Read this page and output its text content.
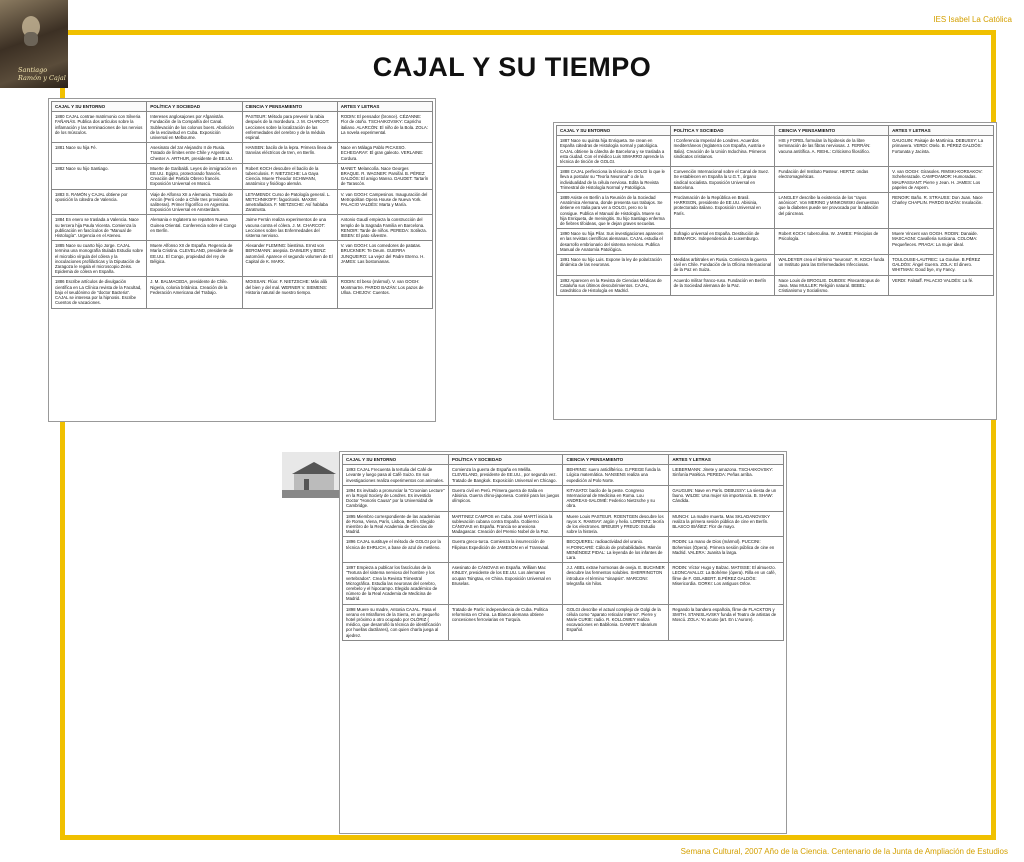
IES Isabel La Católica
Santiago Ramón y Cajal	CAJAL Y SU TIEMPO
CAJAL Y SU ENTORNO	POLÍTICA Y SOCIEDAD	CIENCIA Y PENSAMIENTO	ARTES Y LETRAS
1880 CAJAL contrae matrimonio con Silveria FAÑANÁS. Publica dos artículos sobre la inflamación y las terminaciones de los nervios de los músculos.	Intereses anglosajones por Afganistán. Fundación de la Compañía del Canal. Sublevación de los colonos boers. Abolición de la esclavitud en Cuba. Exposición universal en Melbourne.	PASTEUR: Método para prevenir la rabia después de la mordedura. J. M. CHARCOT: Lecciones sobre la localización de las enfermedades del cerebro y de la médula espinal.	RODIN: El pensador (bronce). CÉZANNE: Flor de otoño. TSCHAIKOVSKY: Capricho italiano. ALARCÓN: El niño de la Bola. ZOLA: La novela experimental.
1881 Nace su hija Fé.	Asesinato del zar Alejandro II de Rusia. Tratado de límites entre Chile y Argentina. Chester A. ARTHUR, presidente de EE.UU.	HANSEN: bacilo de la lepra. Primera línea de tranvías eléctricos de tren, en Berlín.	Nace en Málaga Pablo PICASSO. ECHEGARAY: El gran galeoto. VERLAINE: Cordura.
1882 Nace su hijo Santiago.	Muerte de Garibaldi. Leyes de inmigración en EE.UU. Egipto, protectorado francés. Creación del Partido Obrero francés. Exposición Universal en Moscú.	Robert KOCH descubre el bacilo de la tuberculosis. F. NIETZSCHE: La Gaya Ciencia. Muere Theodor SCHWANN, anatómico y fisiólogo alemán.	MANET: Melancolía. Nace Georges BRAQUE. R. WAGNER: Parsifal. B. PÉREZ GALDÓS: El amigo Manso. DAUDET: Tartarín de Tarascón.
1883 S. RAMÓN y CAJAL obtiene por oposición la cátedra de Valencia.	Viaje de Alfonso XII a Alemania. Tratado de Ancón (Perú cede a Chile tres provincias salitreras). Primer frigorífico en Argentina. Exposición Universal en Amsterdam.	LETAMENDI: Curso de Patología general. L. METCHNIKOFF: fagocitosis. MAXIM: ametralladora. F. NIETZSCHE: Así hablaba Zaratrusta.	V. van GOGH: Campesinos. Inauguración del Metropolitan Opera House de Nueva York. PALACIO VALDÉS: Marta y María.
1884 En enero se traslada a Valencia. Nace su tercera hija Paula Vicenta. Comienza la publicación en fascículos de "Manual de Histología". Urgencia en el Ateneo.	Alemania e Inglaterra se reparten Nueva Guinea Oriental. Conferencia sobre el Congo en Berlín.	Jaime Ferrán realiza experimentos de una vacuna contra el cólera. J. M. CHARCOT: Lecciones sobre las Enfermedades del sistema nervioso.	Antonio Gaudí empieza la construcción del templo de la Sagrada Familia en Barcelona. RENOIR: Tarde de niños. PEREDA: Sotileza. IBSEN: El pato silvestre.
1885 Nace su cuarto hijo Jorge. CAJAL termina una monografía titulada Estudio sobre el microbio vírgula del cólera y la inoculaciones profilácticas y la Diputación de Zaragoza le regala el microscopio Zeiss. Epidemia de cólera en España.	Muere Alfonso XII de España. Regencia de María Cristina. CLEVELAND, presidente de EE.UU. El Congo, propiedad del rey de Bélgica.	Alexander FLEMING: biestima. Ernst von BERGMANN: asepsia. DAIMLER y BENZ: automóvil. Aparece el segundo volumen de El Capital de K. MARX.	V. van GOGH: Los comedores de patatas. BRUCKNER: Te Deum. GUERRA JUNQUEIRO: La vejez del Padre Eterno. H. JAMES: Las bostonianas.
1886 Escribe artículos de divulgación científica en La Clínica revista de la Facultad, bajo el seudónimo de "doctor Bacteria". CAJAL se interesa por la hipnosis. Escribe Cuentos de vacaciones.	J. M. BALMACEDA, presidente de Chile. Nigeria, colonia británica. Creación de la Federación Americana del Trabajo.	MOISSAN: Flúor. F. NIETZSCHE: Más allá del bien y del mal. WERNER V. SIEMENS: Historia natural de nuestro tiempo.	RODIN: El beso (mármol). V. van GOGH: Montmartre. PARDO BAZÁN: Los pazos de Ulloa. CHEJOV: Cuentos.
CAJAL Y SU ENTORNO	POLÍTICA Y SOCIEDAD	CIENCIA Y PENSAMIENTO	ARTES Y LETRAS
1887 Nace su quinta hija Enriqueta. Se crean en España cátedras de Histología normal y patológica. CAJAL obtiene la cátedra de Barcelona y se traslada a esta ciudad. Con el médico Luis SIMARRO aprende la técnica de tinción de GOLGI.	I Conferencia Imperial de Londres. Acuerdos mediterráneos (Inglaterra con España, Austria e Italia). Creación de la Unión Indochina. Primeros sindicatos cristianos.	HIS y FOREL formulan la hipótesis de la libre terminación de las fibras nerviosas. J. FERRÁN: vacuna antitífica. A. RIEHL: Criticismo filosófico.	GAUGUIN: Paisaje de Martinica. DEBUSSY: La primavera. VERDI: Otelo. B. PÉREZ GALDÓS: Fortunata y Jacinta.
1888 CAJAL perfecciona la técnica de GOLGI lo que le lleva a postular su "Teoría Neuronal" o de la individualidad de la célula nerviosa. Edita la Revista Trimestral de Histología Normal y Patológica.	Convención Internacional sobre el Canal de Suez. Se establecen en España la U.G.T., órgano sindical socialista. Exposición Universal en Barcelona.	Fundación del Instituto Pasteur. HERTZ: ondas electromagnéticas.	V. van GOGH: Girasoles. RIMSKI-KORSAKOV: Scheherazade. CAMPOAMOR: Humoradas. MAUPASSANT: Pierre y Jean. H. JAMES: Los papeles de Aspern.
1889 Asiste en Berlín a la Reunión de la Sociedad Anatómica Alemana, donde presenta sus trabajos. Se detiene en Italia para ver a GOLGI, pero no lo consigue. Publica el Manual de Histología. Muere su hija Enriqueta, de meningitis. Su hijo Santiago enferma de fiebres tifoideas, que le dejan graves secuelas.	Proclamación de la República en Brasil. HARRISON, presidente de EE.UU. Abisinia, protectorado italiano. Exposición Universal en París.	LANGLEY describe la existencia de los "rayos anónicos". Von MERING y MINKOWSKI demuestran que la diabetes puede ser provocada por la ablación del páncreas.	RENOIR: Baño. R. STRAUSS: Don Juan. Nace Charley CHAPLIN. PARDO BAZÁN: Insolación.
1890 Nace su hija Pilar. Sus investigaciones aparecen en las revistas científicas alemanas. CAJAL estudia el desarrollo embrionario del sistema nervioso. Publica Manual de Anatomía Patológica.	Sufragio universal en España. Destitución de BISMARCK. Independencia de Luxemburgo.	Robert KOCH: tuberculina. W. JAMES: Principios de Psicología.	Muere Vincent van GOGH. RODIN: Danaide. MASCAGNI: Cavalleria rusticana. COLOMA: Pequeñeces. PRAGA: La mujer ideal.
1891 Nace su hijo Luis. Expone la ley de polarización dinámica de las neuronas.	Medidas arbitrales en Rusia. Comienza la guerra civil en Chile. Fundación de la Oficina Internacional de la Paz en Suiza.	WALDEYER crea el término "neurona". R. KOCH funda un Instituto para las Enfermedades Infecciosas.	TOULOUSE-LAUTREC: La Goulue. B.PÉREZ GALDÓS: Ángel Guerra. ZOLA: El dinero. WHITMAN: Good bye, my Fancy.
1892 Aparecen en la Revista de Ciencias Médicas de Cataluña sus últimos descubrimientos. CAJAL, catedrático de Histología en Madrid.	Acuerdo militar franco-ruso. Fundación en Berlín de la Sociedad alemana de la Paz.	Nace Louis de BROGLIE. DUBOIS: Pitecantropus de Java. Max MULLER: Religión natural. BEBEL: Cristianismo y Socialismo.	VERDI: Falstaff. PALACIO VALDÉS: La fé.
CAJAL Y SU ENTORNO	POLÍTICA Y SOCIEDAD	CIENCIA Y PENSAMIENTO	ARTES Y LETRAS
1893 CAJAL Frecuenta la tertulia del Café de Levante y luego pasa al Café Suizo. En sus investigaciones realiza experimentos con animales.	Comienza la guerra de España en Melilla. CLEVELAND, presidente de EE.UU., por segunda vez. Tratado de Bangkok. Exposición Universal en Chicago.	BEHRING: suero antidiftérico. G.FREGE funda la Lógica matemática. NANSENS realiza una expedición al Polo Norte.	LIEBERMANN: Jinete y amazona. TSCHAIKOVSKY: Sinfonía Patética. PEREDA: Peñas arriba.
1894 Es invitado a pronunciar la "Croonian Lecture" en la Royal Society de Londres. Es investido Doctor "Honoris Causa" por la Universidad de Cambridge.	Guerra civil en Perú. Primera guerra de Italia en Abisinia. Guerra chino-japonesa. Comité para los juegos olímpicos.	KITASATO: bacilo de la peste. Congreso Internacional de Medicina en Roma. Lou ANDREAS-SALOMÉ: Federico Nietzsche y su obra.	GAUGUIN: Nave en París. DEBUSSY: La siesta de un fauno. WILDE: Una mujer sin importancia. B. SHAW: Cándida.
1895 Miembro correspondiente de las academias de Roma, Viena, París, Lisboa, Berlín. Elegido miembro de la Real Academia de Ciencias de Madrid.	MARTINEZ CAMPOS en Cuba. José MARTÍ inicia la sublevación cubana contra España. Gobierno CÁNOVAS en España. Francia se anexiona Madagascar. Creación del Premio Nobel de la Paz.	Muere Louis PASTEUR. ROENTGEN descubre los rayos X. RAMSAY: argón y helio. LORENTZ: teoría de los electrones. BREUER y FREUD: Estudio sobre la histeria.	MUNCH: La madre muerta. Max SKLADANOVSKY realiza la primera sesión pública de cine en Berlín. BLASCO IBÁÑEZ: Flor de mayo.
1896 CAJAL sustituye el método de GOLGI por la técnica de EHRLICH, a base de azul de metileno.	Guerra greco-turca. Comienza la insurrección de Filipinas Expedición de JAMESON en el Transvaal.	BECQUEREL: radioactividad del uranio. H.POINCARÉ: Cálculo de probabilidades. Ramón MENÉNDEZ PIDAL: La leyenda de los infantes de Lara.	RODIN: La mano de Dios (mármol). PUCCINI: Bohemios (Ópera). Primera sesión pública de cine en Madrid. VALERA: Juanita la larga.
1897 Empieza a publicar los fascículos de la "Textura del sistema nervioso del hombre y los vertebrados". Crea la Revista Trimestral Micrográfica. Estudia las neuronas del cerebro, cerebelo y el hipocampo. Elegido académico de número de la Real Academia de Medicina de Madrid.	Asesinato de CÁNOVAS en España. William Mac KINLEY, presidente de los EE.UU. Los alemanes ocupan Tsingtau, en China. Exposición Universal en Bruselas.	J.J. ABEL extrae hormonas de oveja. E. BUCHNER descubre las fermentos solubles. SHERRINGTON introduce el término "sinapsis". MARCONI: telegrafía sin hilos.	RODIN: Víctor Hugo y Balzac. MATISSE: El almuerzo. LEONCAVALLO: La Bohème (ópera). Rilla en un café, filme de F. GELABERT. B.PÉREZ GALDÓS: Misericordia. GORKI: Los antiguos Orlov.
1898 Muere su madre, Antonia CAJAL. Pasa el verano en Miraflores de la Sierra, en un pequeño hotel próximo a otro ocupado por OLÓRIZ ( médico, que desarrolló la técnica de identificación por huellas dactilares), con quien charla juega al ajedrez.	Tratado de París: independencia de Cuba. Política reformista en China. La Blanca alemana obtiene concesiones ferroviarias en Turquía.	GOLGI describe el actual complejo de Golgi de la célula como "aparato reticular interno". Pierre y Marie CURIE: radio. R. KOLLOWEY realiza excavaciones en Babilonia. GANIVET: Idearium Español.	Regando la bandera española, filme de FLACKTON y SMITH. STANISLAVSKY funda el Teatro de artistas de Moscú. ZOLA: Yo acuso (art. En L'Aurore).
Semana Cultural, 2007 Año de la Ciencia. Centenario de la Junta de Ampliación de Estudios
